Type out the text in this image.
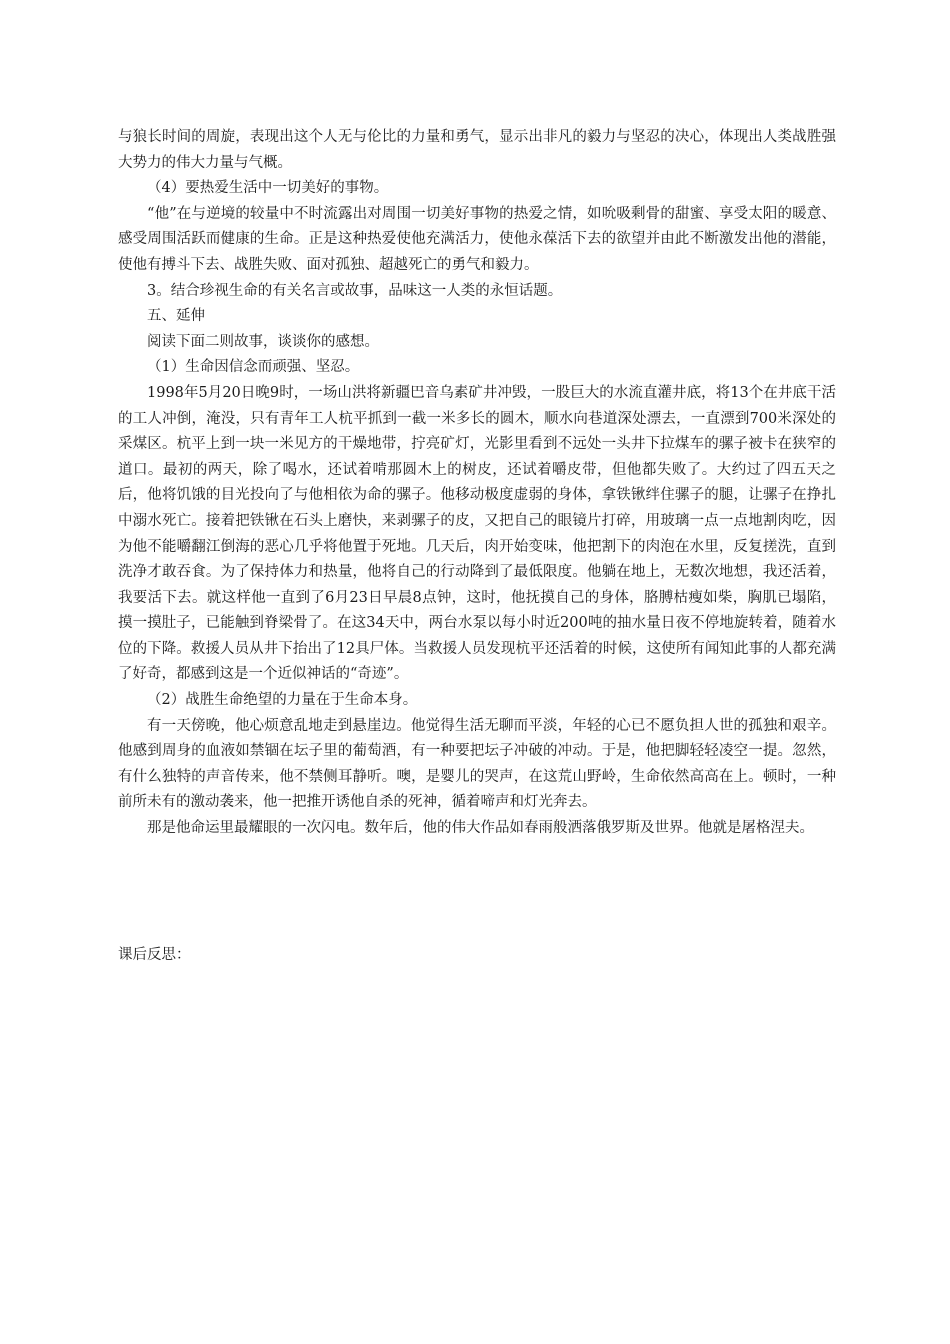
与狼长时间的周旋，表现出这个人无与伦比的力量和勇气，显示出非凡的毅力与坚忍的决心，体现出人类战胜强大势力的伟大力量与气概。

（4）要热爱生活中一切美好的事物。

“他”在与逆境的较量中不时流露出对周围一切美好事物的热爱之情，如吮吸剩骨的甜蜜、享受太阳的暖意、感受周围活跃而健康的生命。正是这种热爱使他充满活力，使他永葆活下去的欲望并由此不断激发出他的潜能，使他有搏斗下去、战胜失败、面对孤独、超越死亡的勇气和毅力。

3。结合珍视生命的有关名言或故事，品味这一人类的永恒话题。

五、延伸

阅读下面二则故事，谈谈你的感想。

（1）生命因信念而顽强、坚忍。

1998年5月20日晚9时，一场山洪将新疆巴音乌素矿井冲毁，一股巨大的水流直灌井底，将13个在井底干活的工人冲倒，淹没，只有青年工人杭平抓到一截一米多长的圆木，顺水向巷道深处漂去，一直漂到700米深处的采煤区。杭平上到一块一米见方的干燥地带，拧亮矿灯，光影里看到不远处一头井下拉煤车的骡子被卡在狭窄的道口。最初的两天，除了喝水，还试着啃那圆木上的树皮，还试着嚼皮带，但他都失败了。大约过了四五天之后，他将饥饿的目光投向了与他相依为命的骡子。他移动极度虚弱的身体，拿铁锹绊住骡子的腿，让骡子在挣扎中溺水死亡。接着把铁锹在石头上磨快，来剥骡子的皮，又把自己的眼镜片打碎，用玻璃一点一点地割肉吃，因为他不能嚼翻江倒海的恶心几乎将他置于死地。几天后，肉开始变味，他把割下的肉泡在水里，反复搓洗，直到洗净才敢吞食。为了保持体力和热量，他将自己的行动降到了最低限度。他躺在地上，无数次地想，我还活着，我要活下去。就这样他一直到了6月23日早晨8点钟，这时，他抚摸自己的身体，胳膊枯瘦如柴，胸肌已塌陷，摸一摸肚子，已能触到脊梁骨了。在这34天中，两台水泵以每小时近200吨的抽水量日夜不停地旋转着，随着水位的下降。救援人员从井下抬出了12具尸体。当救援人员发现杭平还活着的时候，这使所有闻知此事的人都充满了好奇，都感到这是一个近似神话的“奇迹”。

（2）战胜生命绝望的力量在于生命本身。

有一天傍晚，他心烦意乱地走到悬崖边。他觉得生活无聊而平淡，年轻的心已不愿负担人世的孤独和艰辛。他感到周身的血液如禁锢在坛子里的葡萄酒，有一种要把坛子冲破的冲动。于是，他把脚轻轻凌空一提。忽然，有什么独特的声音传来，他不禁侧耳静听。噢，是婴儿的哭声，在这荒山野岭，生命依然高高在上。顿时，一种前所未有的激动袭来，他一把推开诱他自杀的死神，循着啼声和灯光奔去。

那是他命运里最耀眼的一次闪电。数年后，他的伟大作品如春雨般洒落俄罗斯及世界。他就是屠格涅夫。

课后反思：
